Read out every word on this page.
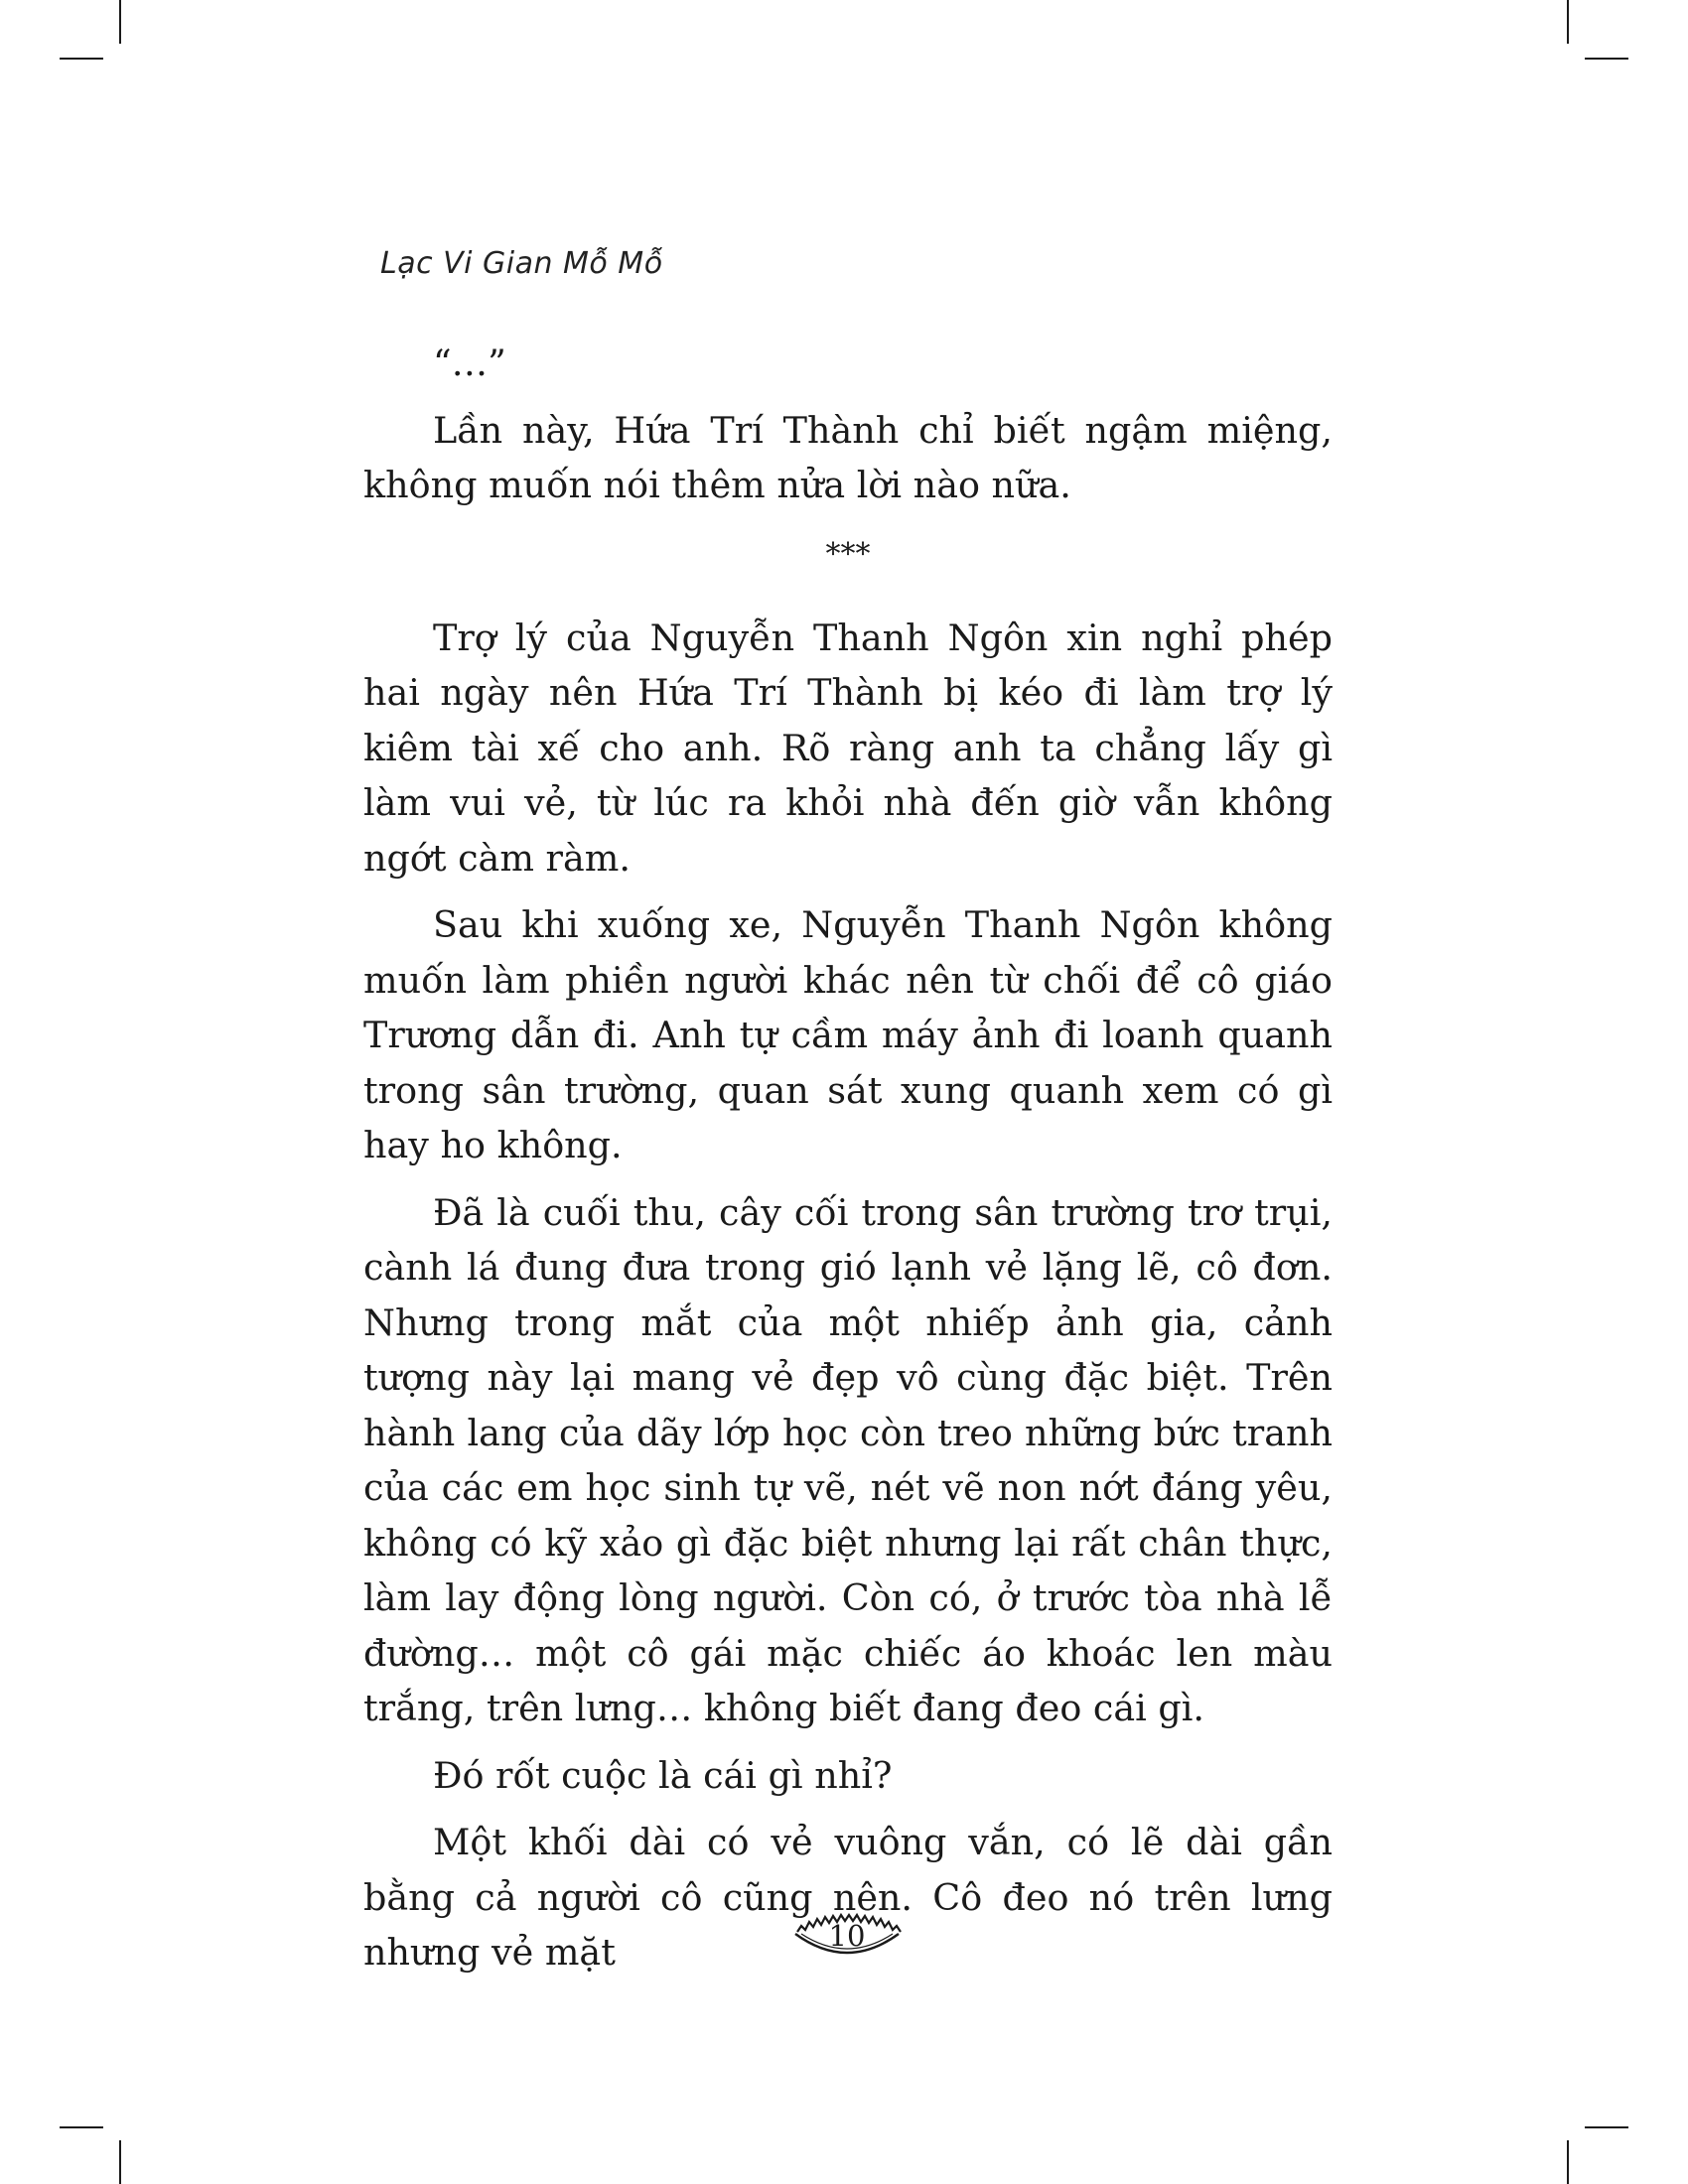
Lạc Vi Gian Mỗ Mỗ

“…”

Lần này, Hứa Trí Thành chỉ biết ngậm miệng, không muốn nói thêm nửa lời nào nữa.

***

Trợ lý của Nguyễn Thanh Ngôn xin nghỉ phép hai ngày nên Hứa Trí Thành bị kéo đi làm trợ lý kiêm tài xế cho anh. Rõ ràng anh ta chẳng lấy gì làm vui vẻ, từ lúc ra khỏi nhà đến giờ vẫn không ngớt càm ràm.

Sau khi xuống xe, Nguyễn Thanh Ngôn không muốn làm phiền người khác nên từ chối để cô giáo Trương dẫn đi. Anh tự cầm máy ảnh đi loanh quanh trong sân trường, quan sát xung quanh xem có gì hay ho không.

Đã là cuối thu, cây cối trong sân trường trơ trụi, cành lá đung đưa trong gió lạnh vẻ lặng lẽ, cô đơn. Nhưng trong mắt của một nhiếp ảnh gia, cảnh tượng này lại mang vẻ đẹp vô cùng đặc biệt. Trên hành lang của dãy lớp học còn treo những bức tranh của các em học sinh tự vẽ, nét vẽ non nớt đáng yêu, không có kỹ xảo gì đặc biệt nhưng lại rất chân thực, làm lay động lòng người. Còn có, ở trước tòa nhà lễ đường… một cô gái mặc chiếc áo khoác len màu trắng, trên lưng… không biết đang đeo cái gì.

Đó rốt cuộc là cái gì nhỉ?

Một khối dài có vẻ vuông vắn, có lẽ dài gần bằng cả người cô cũng nên. Cô đeo nó trên lưng nhưng vẻ mặt	10
